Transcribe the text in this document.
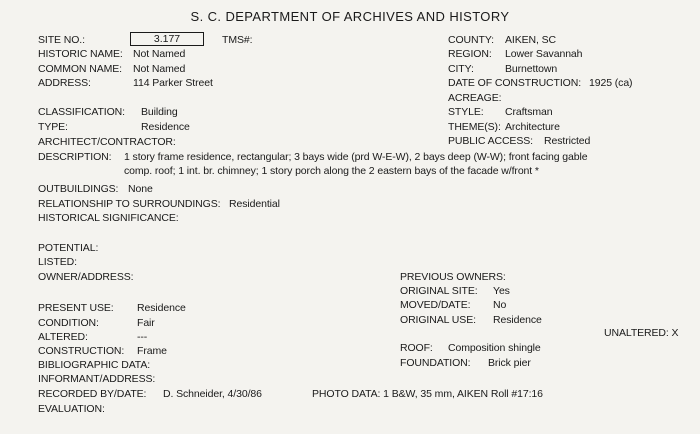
S. C. DEPARTMENT OF ARCHIVES AND HISTORY
SITE NO.:	3.177	TMS#:
HISTORIC NAME: Not Named
COMMON NAME: Not Named
ADDRESS:	114 Parker Street
CLASSIFICATION: Building
TYPE:	Residence
ARCHITECT/CONTRACTOR:
DESCRIPTION: 1 story frame residence, rectangular; 3 bays wide (prd W-E-W), 2 bays deep (W-W); front facing gable
comp. roof; 1 int. br. chimney; 1 story porch along the 2 eastern bays of the facade w/front *
OUTBUILDINGS: None
RELATIONSHIP TO SURROUNDINGS: Residential
HISTORICAL SIGNIFICANCE:
POTENTIAL:
LISTED:
OWNER/ADDRESS:
PRESENT USE: Residence
CONDITION:	Fair
ALTERED:	---
CONSTRUCTION: Frame
BIBLIOGRAPHIC DATA:
INFORMANT/ADDRESS:
RECORDED BY/DATE: D. Schneider, 4/30/86
EVALUATION:
COUNTY: AIKEN, SC
REGION: Lower Savannah
CITY:	Burnettown
DATE OF CONSTRUCTION: 1925 (ca)
ACREAGE:
STYLE: Craftsman
THEME(S): Architecture
PUBLIC ACCESS: Restricted
PREVIOUS OWNERS:
ORIGINAL SITE: Yes
MOVED/DATE: No
ORIGINAL USE: Residence
UNALTERED: X
ROOF: Composition shingle
FOUNDATION: Brick pier
PHOTO DATA: 1 B&W, 35 mm, AIKEN Roll #17:16
